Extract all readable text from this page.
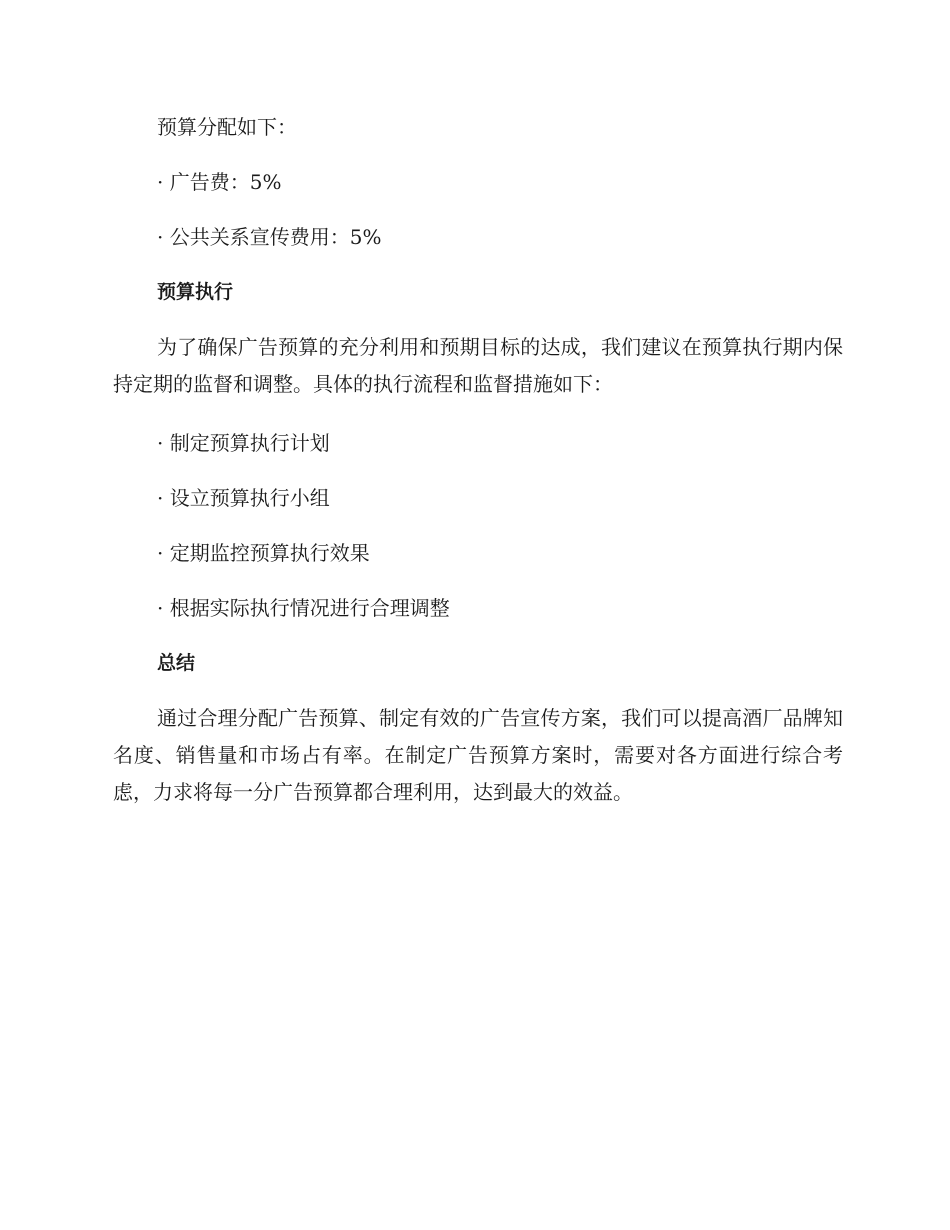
预算分配如下：
· 广告费：5%
· 公共关系宣传费用：5%
预算执行
为了确保广告预算的充分利用和预期目标的达成，我们建议在预算执行期内保持定期的监督和调整。具体的执行流程和监督措施如下：
· 制定预算执行计划
· 设立预算执行小组
· 定期监控预算执行效果
· 根据实际执行情况进行合理调整
总结
通过合理分配广告预算、制定有效的广告宣传方案，我们可以提高酒厂品牌知名度、销售量和市场占有率。在制定广告预算方案时，需要对各方面进行综合考虑，力求将每一分广告预算都合理利用，达到最大的效益。
